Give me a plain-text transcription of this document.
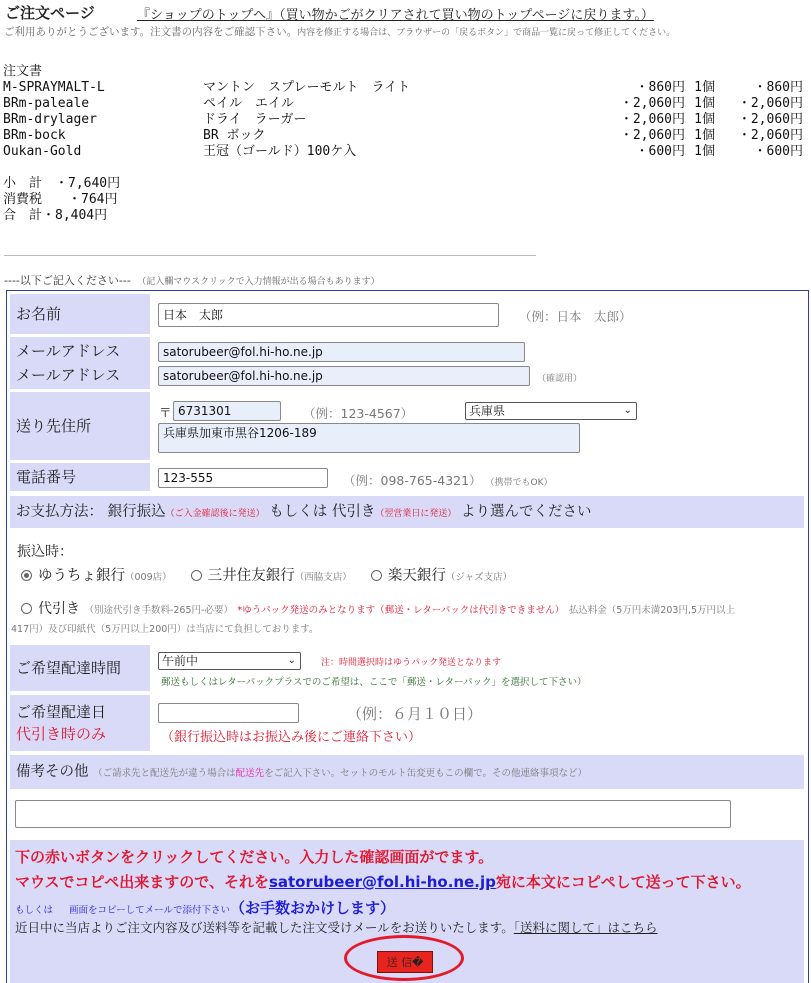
ご注文ページ	『ショップのトップへ』（買い物かごがクリアされて買い物のトップページに戻ります。）
ご利用ありがとうございます。注文書の内容をご確認下さい。内容を修正する場合は、ブラウザーの「戻るボタン」で商品一覧に戻って修正してください。
注文書
M-SPRAYMALT-L	マントン　スプレーモルト　ライト	・860円 1個	・860円
BRm-paleale	ペイル　エイル	・2,060円 1個 ・2,060円
BRm-drylager	ドライ　ラーガー	・2,060円 1個 ・2,060円
BRm-bock	BR ボック	・2,060円 1個 ・2,060円
Oukan-Gold	王冠（ゴールド）100ケ入	・600円 1個	・600円
小　計　・7,640円
消費税　　・764円
合　計・8,404円
----以下ご記入ください---　 （記入欄マウスクリックで入力情報が出る場合もあります）
お名前	日本　太郎	（例：日本　太郎）
メールアドレス
メールアドレス
satorubeer@fol.hi-ho.ne.jp
satorubeer@fol.hi-ho.ne.jp	（確認用）
送り先住所
〒 6731301	（例：123-4567）	兵庫県	⌄
兵庫県加東市黒谷1206-189
電話番号	123-555	（例：098-765-4321） （携帯でもOK）
お支払方法： 銀行振込（ご入金確認後に発送） もしくは 代引き（翌営業日に発送） より選んでください
振込時：
ゆうちょ銀行（009店） 　 三井住友銀行（西脇支店） 　 楽天銀行（ジャズ支店）
代引き （別途代引き手数料-265円-必要） *ゆうパック発送のみとなります（郵送・レターパックは代引きできません） 払込料金（5万円未満203円,5万円以上
417円）及び印紙代（5万円以上200円）は当店にて負担しております。
ご希望配達時間	午前中	⌄	注：時間選択時はゆうパック発送となります
郵送もしくはレターパックプラスでのご希望は、ここで「郵送・レターパック」を選択して下さい）
ご希望配達日
代引き時のみ
（例：６月１０日）
（銀行振込時はお振込み後にご連絡下さい）
備考その他 （ご請求先と配送先が違う場合は配送先をご記入下さい。セットのモルト缶変更もこの欄で。その他連絡事項など）
下の赤いボタンをクリックしてください。入力した確認画面がでます。
マウスでコピペ出来ますので、それをsatorubeer@fol.hi-ho.ne.jp宛に本文にコピペして送って下さい。
もしくは　 画面をコピーしてメールで添付下さい（お手数おかけします）
近日中に当店よりご注文内容及び送料等を記載した注文受けメールをお送りいたします。「送料に関して」はこちら
送 信�
